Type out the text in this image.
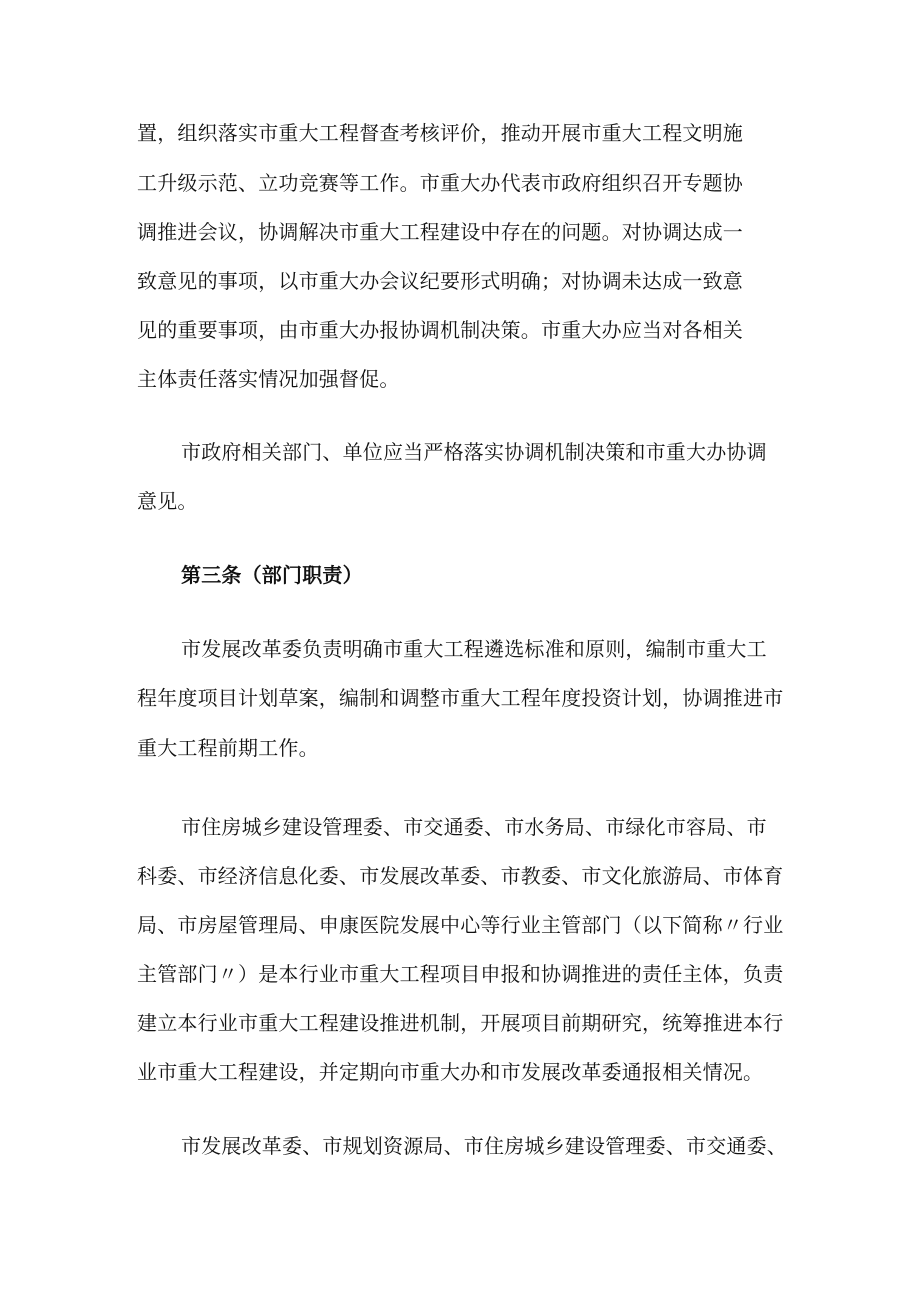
置，组织落实市重大工程督查考核评价，推动开展市重大工程文明施
工升级示范、立功竞赛等工作。市重大办代表市政府组织召开专题协
调推进会议，协调解决市重大工程建设中存在的问题。对协调达成一
致意见的事项，以市重大办会议纪要形式明确；对协调未达成一致意
见的重要事项，由市重大办报协调机制决策。市重大办应当对各相关
主体责任落实情况加强督促。
市政府相关部门、单位应当严格落实协调机制决策和市重大办协调
意见。
第三条（部门职责）
市发展改革委负责明确市重大工程遴选标准和原则，编制市重大工
程年度项目计划草案，编制和调整市重大工程年度投资计划，协调推进市
重大工程前期工作。
市住房城乡建设管理委、市交通委、市水务局、市绿化市容局、市
科委、市经济信息化委、市发展改革委、市教委、市文化旅游局、市体育
局、市房屋管理局、申康医院发展中心等行业主管部门（以下简称〃行业
主管部门〃）是本行业市重大工程项目申报和协调推进的责任主体，负责
建立本行业市重大工程建设推进机制，开展项目前期研究，统筹推进本行
业市重大工程建设，并定期向市重大办和市发展改革委通报相关情况。
市发展改革委、市规划资源局、市住房城乡建设管理委、市交通委、
